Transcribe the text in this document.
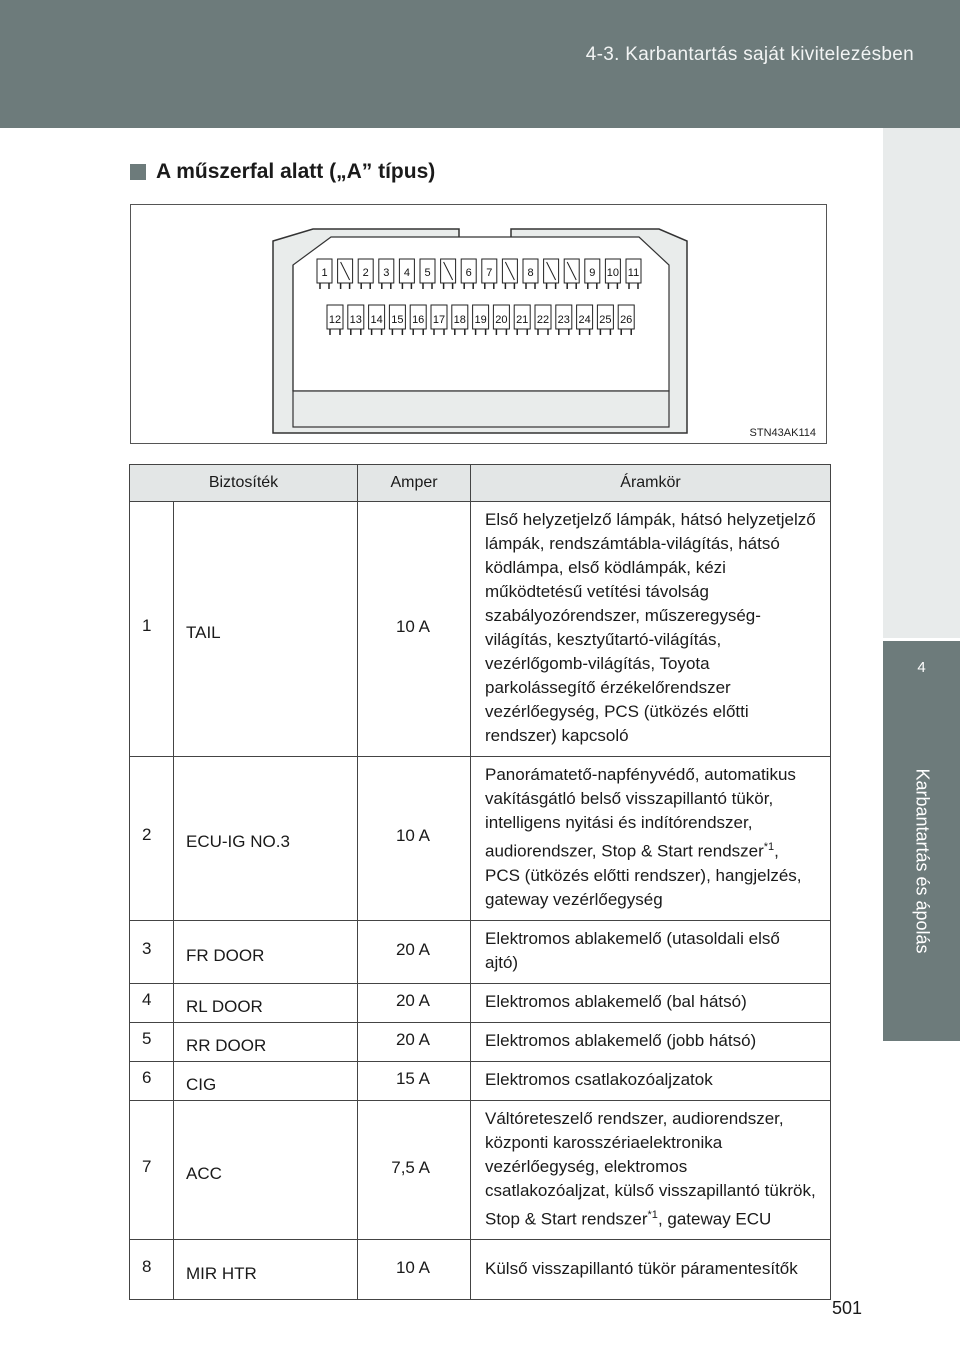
4-3. Karbantartás saját kivitelezésben
4
Karbantartás és ápolás
A műszerfal alatt („A” típus)
1	2 3 4 5	6 7	8	9 10 11
12 13 14 15 16 17 18 19 20 21 22 23 24 25 26
STN43AK114
Biztosíték		Amper	Áramkör
1	TAIL	10 A	Első helyzetjelző lámpák, hátsó helyzetjelző lámpák, rendszámtábla-világítás, hátsó ködlámpa, első ködlámpák, kézi működtetésű vetítési távolság szabályozórendszer, műszeregység-világítás, kesztyűtartó-világítás, vezérlőgomb-világítás, Toyota parkolássegítő érzékelőrendszer vezérlőegység, PCS (ütközés előtti rendszer) kapcsoló
2	ECU-IG NO.3	10 A	Panorámatető-napfényvédő, automatikus vakításgátló belső visszapillantó tükör, intelligens nyitási és indítórendszer, audiorendszer, Stop & Start rendszer$^{*1}$, PCS (ütközés előtti rendszer), hangjelzés, gateway vezérlőegység
3	FR DOOR	20 A	Elektromos ablakemelő (utasoldali első ajtó)
4	RL DOOR	20 A	Elektromos ablakemelő (bal hátsó)
5	RR DOOR	20 A	Elektromos ablakemelő (jobb hátsó)
6	CIG	15 A	Elektromos csatlakozóaljzatok
7	ACC	7,5 A	Váltóreteszelő rendszer, audiorendszer, központi karosszériaelektronika vezérlőegység, elektromos csatlakozóaljzat, külső visszapillantó tükrök, Stop & Start rendszer$^{*1}$, gateway ECU
8	MIR HTR	10 A	Külső visszapillantó tükör páramentesítők
501
